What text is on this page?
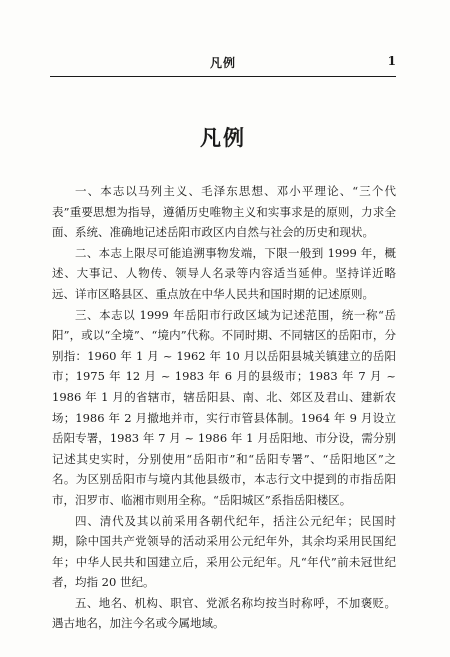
凡例	1
凡例

一、本志以马列主义、毛泽东思想、邓小平理论、“三个代表”重要思想为指导，遵循历史唯物主义和实事求是的原则，力求全面、系统、准确地记述岳阳市政区内自然与社会的历史和现状。

二、本志上限尽可能追溯事物发端，下限一般到 1999 年，概述、大事记、人物传、领导人名录等内容适当延伸。坚持详近略远、详市区略县区、重点放在中华人民共和国时期的记述原则。

三、本志以 1999 年岳阳市行政区域为记述范围，统一称“岳阳”，或以“全境”、“境内”代称。不同时期、不同辖区的岳阳市，分别指：1960 年 1 月 ~ 1962 年 10 月以岳阳县城关镇建立的岳阳市；1975 年 12 月 ~ 1983 年 6 月的县级市；1983 年 7 月 ~ 1986 年 1 月的省辖市，辖岳阳县、南、北、郊区及君山、建新农场；1986 年 2 月撤地并市，实行市管县体制。1964 年 9 月设立岳阳专署，1983 年 7 月 ~ 1986 年 1 月岳阳地、市分设，需分别记述其史实时，分别使用“岳阳市”和“岳阳专署”、“岳阳地区”之名。为区别岳阳市与境内其他县级市，本志行文中提到的市指岳阳市，汨罗市、临湘市则用全称。“岳阳城区”系指岳阳楼区。

四、清代及其以前采用各朝代纪年，括注公元纪年；民国时期，除中国共产党领导的活动采用公元纪年外，其余均采用民国纪年；中华人民共和国建立后，采用公元纪年。凡“年代”前未冠世纪者，均指 20 世纪。

五、地名、机构、职官、党派名称均按当时称呼，不加褒贬。遇古地名，加注今名或今属地域。
